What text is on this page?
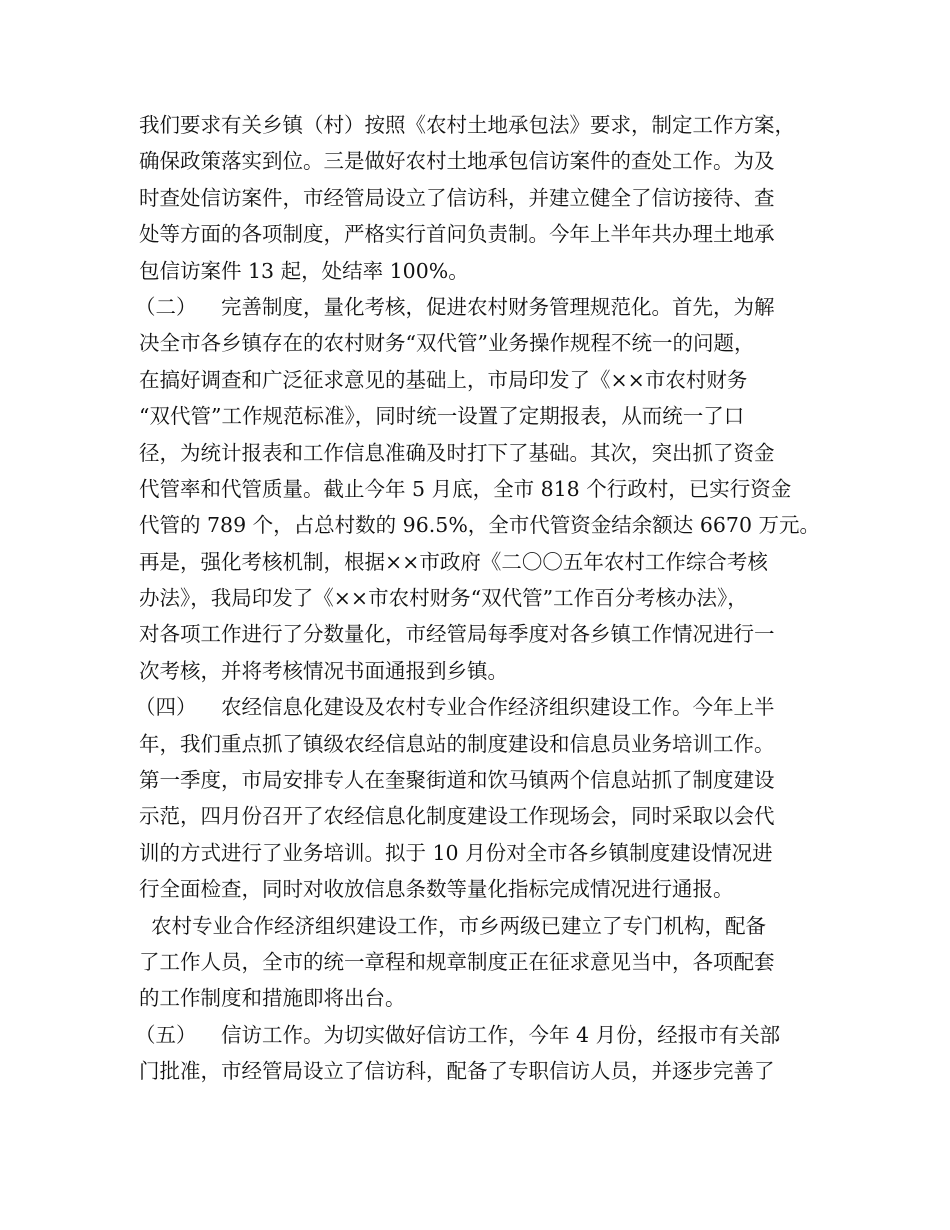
我们要求有关乡镇（村）按照《农村土地承包法》要求，制定工作方案，
确保政策落实到位。三是做好农村土地承包信访案件的查处工作。为及
时查处信访案件，市经管局设立了信访科，并建立健全了信访接待、查
处等方面的各项制度，严格实行首问负责制。今年上半年共办理土地承
包信访案件 13 起，处结率 100%。
（二） 完善制度，量化考核，促进农村财务管理规范化。首先，为解
决全市各乡镇存在的农村财务“双代管”业务操作规程不统一的问题，
在搞好调查和广泛征求意见的基础上，市局印发了《××市农村财务
“双代管”工作规范标准》，同时统一设置了定期报表，从而统一了口
径，为统计报表和工作信息准确及时打下了基础。其次，突出抓了资金
代管率和代管质量。截止今年 5 月底，全市 818 个行政村，已实行资金
代管的 789 个，占总村数的 96.5%，全市代管资金结余额达 6670 万元。
再是，强化考核机制，根据××市政府《二〇〇五年农村工作综合考核
办法》，我局印发了《××市农村财务“双代管”工作百分考核办法》，
对各项工作进行了分数量化，市经管局每季度对各乡镇工作情况进行一
次考核，并将考核情况书面通报到乡镇。
（四） 农经信息化建设及农村专业合作经济组织建设工作。今年上半
年，我们重点抓了镇级农经信息站的制度建设和信息员业务培训工作。
第一季度，市局安排专人在奎聚街道和饮马镇两个信息站抓了制度建设
示范，四月份召开了农经信息化制度建设工作现场会，同时采取以会代
训的方式进行了业务培训。拟于 10 月份对全市各乡镇制度建设情况进
行全面检查，同时对收放信息条数等量化指标完成情况进行通报。
农村专业合作经济组织建设工作，市乡两级已建立了专门机构，配备
了工作人员，全市的统一章程和规章制度正在征求意见当中，各项配套
的工作制度和措施即将出台。
（五） 信访工作。为切实做好信访工作，今年 4 月份，经报市有关部
门批准，市经管局设立了信访科，配备了专职信访人员，并逐步完善了
